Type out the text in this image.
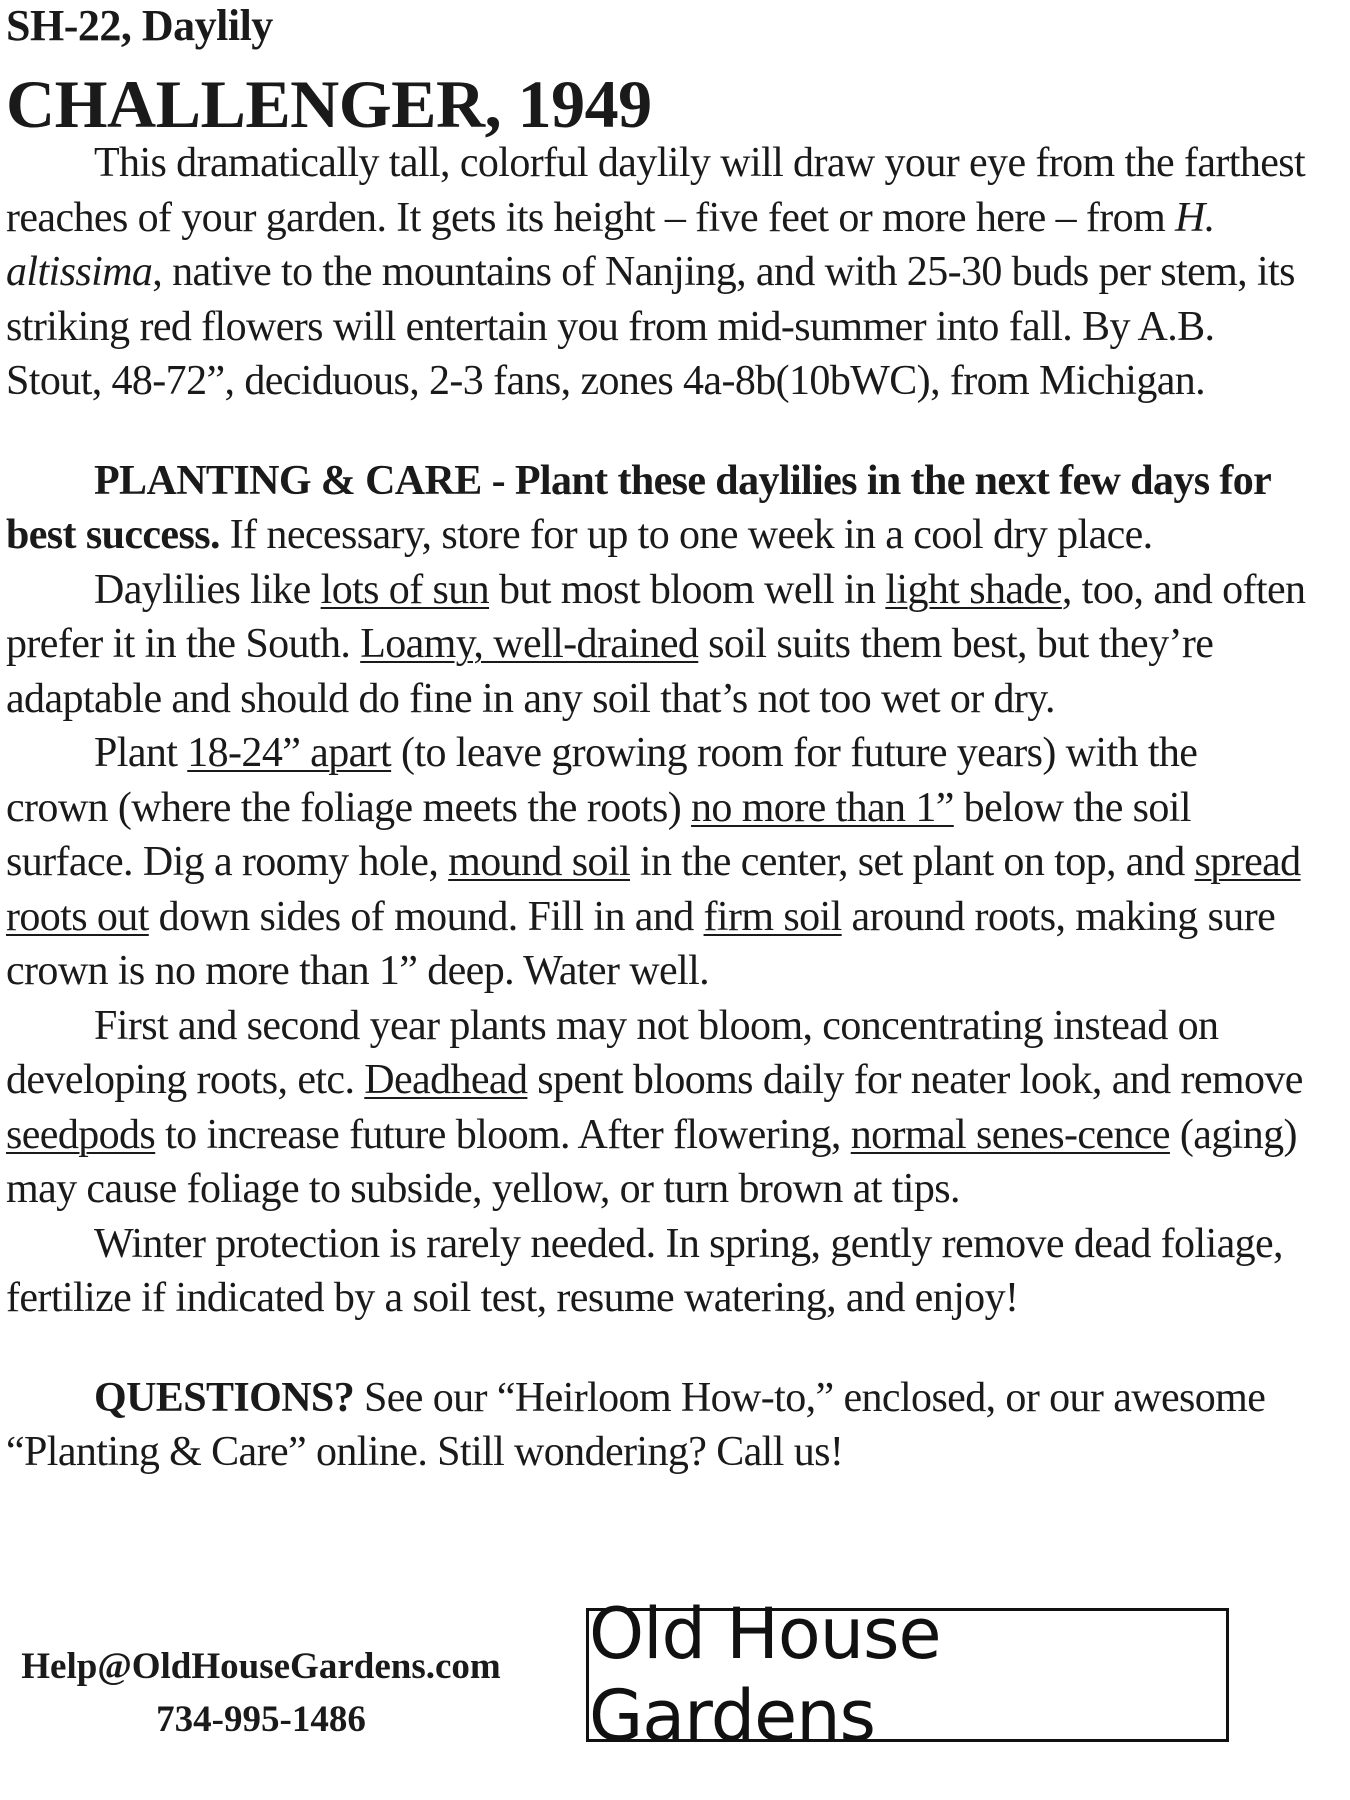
SH-22, Daylily
CHALLENGER, 1949

This dramatically tall, colorful daylily will draw your eye from the farthest reaches of your garden. It gets its height – five feet or more here – from H. altissima, native to the mountains of Nanjing, and with 25-30 buds per stem, its striking red flowers will entertain you from mid-summer into fall. By A.B. Stout, 48-72”, deciduous, 2-3 fans, zones 4a-8b(10bWC), from Michigan.

PLANTING & CARE - Plant these daylilies in the next few days for best success. If necessary, store for up to one week in a cool dry place.

Daylilies like lots of sun but most bloom well in light shade, too, and often prefer it in the South. Loamy, well-drained soil suits them best, but they’re adaptable and should do fine in any soil that’s not too wet or dry.

Plant 18-24” apart (to leave growing room for future years) with the crown (where the foliage meets the roots) no more than 1” below the soil surface. Dig a roomy hole, mound soil in the center, set plant on top, and spread roots out down sides of mound. Fill in and firm soil around roots, making sure crown is no more than 1” deep. Water well.

First and second year plants may not bloom, concentrating instead on developing roots, etc. Deadhead spent blooms daily for neater look, and remove seedpods to increase future bloom. After flowering, normal senes-cence (aging) may cause foliage to subside, yellow, or turn brown at tips.

Winter protection is rarely needed. In spring, gently remove dead foliage, fertilize if indicated by a soil test, resume watering, and enjoy!

QUESTIONS? See our “Heirloom How-to,” enclosed, or our awesome “Planting & Care” online. Still wondering? Call us!

Help@OldHouseGardens.com
734-995-1486
Old House Gardens
